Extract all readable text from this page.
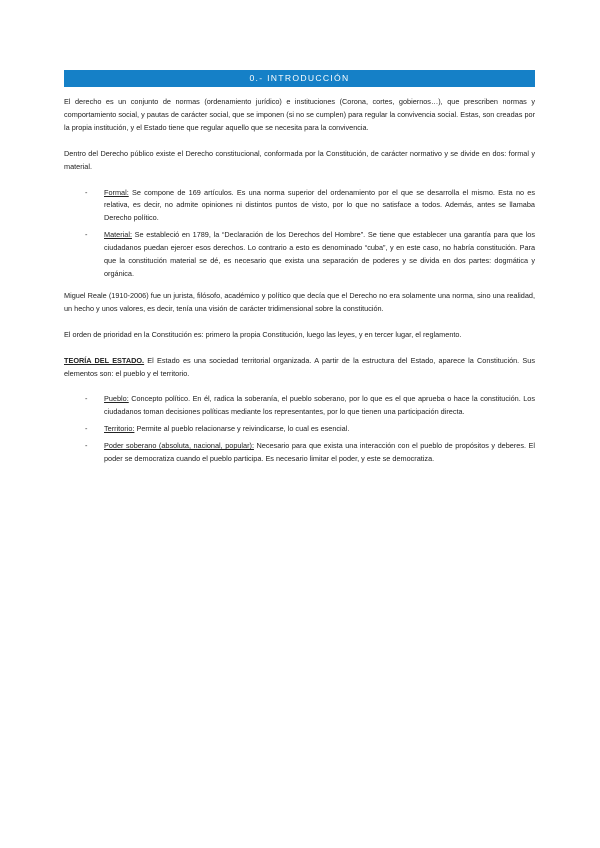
0.- INTRODUCCIÓN

El derecho es un conjunto de normas (ordenamiento jurídico) e instituciones (Corona, cortes, gobiernos…), que prescriben normas y comportamiento social, y pautas de carácter social, que se imponen (si no se cumplen) para regular la convivencia social. Estas, son creadas por la propia institución, y el Estado tiene que regular aquello que se necesita para la convivencia.

Dentro del Derecho público existe el Derecho constitucional, conformada por la Constitución, de carácter normativo y se divide en dos: formal y material.

- Formal: Se compone de 169 artículos. Es una norma superior del ordenamiento por el que se desarrolla el mismo. Esta no es relativa, es decir, no admite opiniones ni distintos puntos de visto, por lo que no satisface a todos. Además, antes se llamaba Derecho político.
- Material: Se estableció en 1789, la “Declaración de los Derechos del Hombre”. Se tiene que establecer una garantía para que los ciudadanos puedan ejercer esos derechos. Lo contrario a esto es denominado “cuba”, y en este caso, no habría constitución. Para que la constitución material se dé, es necesario que exista una separación de poderes y se divida en dos partes: dogmática y orgánica.

Miguel Reale (1910-2006) fue un jurista, filósofo, académico y político que decía que el Derecho no era solamente una norma, sino una realidad, un hecho y unos valores, es decir, tenía una visión de carácter tridimensional sobre la constitución.

El orden de prioridad en la Constitución es: primero la propia Constitución, luego las leyes, y en tercer lugar, el reglamento.

TEORÍA DEL ESTADO. El Estado es una sociedad territorial organizada. A partir de la estructura del Estado, aparece la Constitución. Sus elementos son: el pueblo y el territorio.

- Pueblo: Concepto político. En él, radica la soberanía, el pueblo soberano, por lo que es el que aprueba o hace la constitución. Los ciudadanos toman decisiones políticas mediante los representantes, por lo que tienen una participación directa.
- Territorio: Permite al pueblo relacionarse y reivindicarse, lo cual es esencial.
- Poder soberano (absoluta, nacional, popular): Necesario para que exista una interacción con el pueblo de propósitos y deberes. El poder se democratiza cuando el pueblo participa. Es necesario limitar el poder, y este se democratiza.
